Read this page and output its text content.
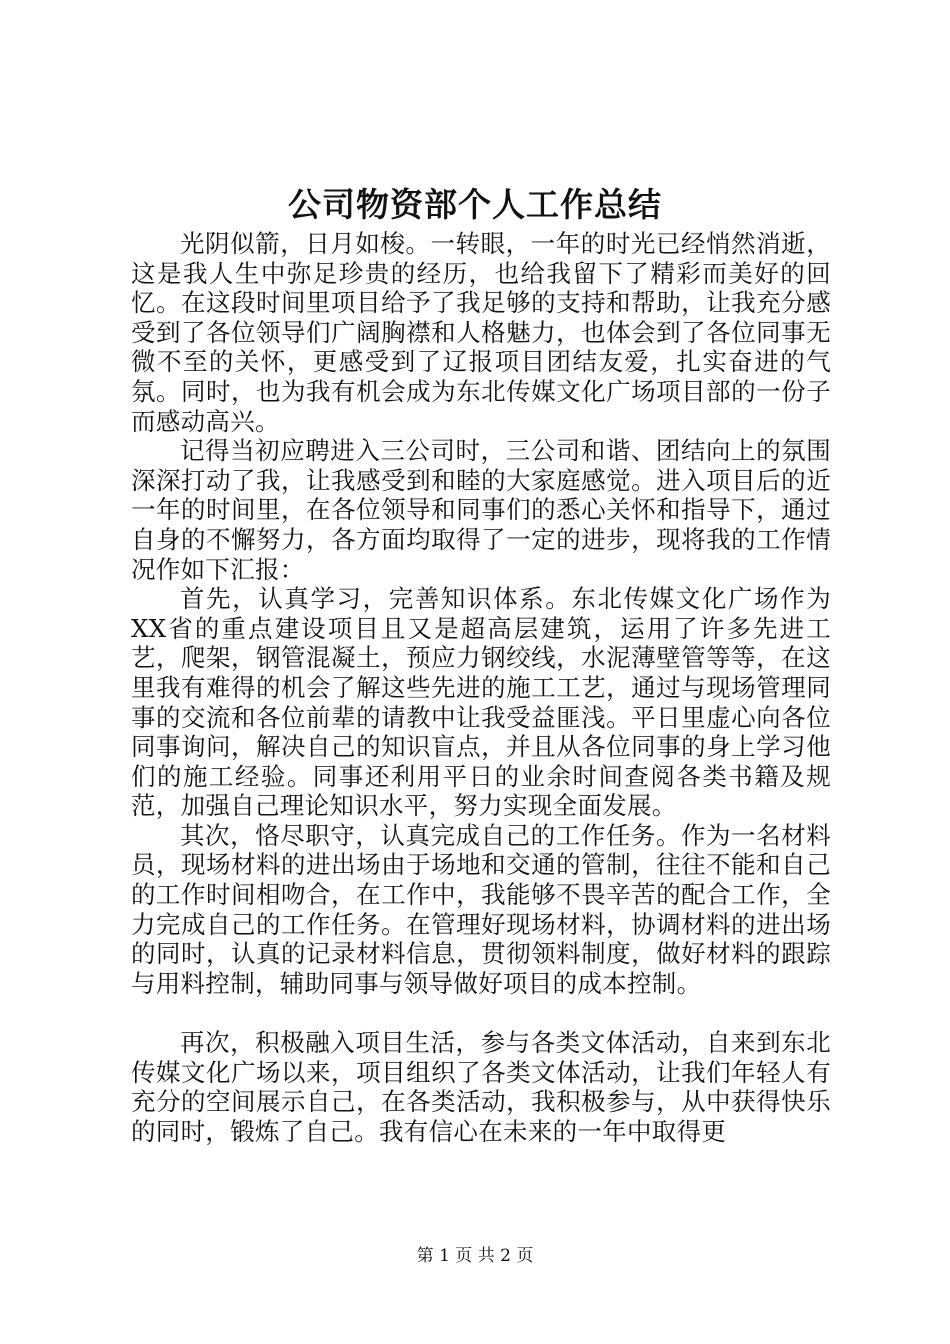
公司物资部个人工作总结

光阴似箭，日月如梭。一转眼，一年的时光已经悄然消逝，这是我人生中弥足珍贵的经历，也给我留下了精彩而美好的回忆。在这段时间里项目给予了我足够的支持和帮助，让我充分感受到了各位领导们广阔胸襟和人格魅力，也体会到了各位同事无微不至的关怀，更感受到了辽报项目团结友爱，扎实奋进的气氛。同时，也为我有机会成为东北传媒文化广场项目部的一份子而感动高兴。

记得当初应聘进入三公司时，三公司和谐、团结向上的氛围深深打动了我，让我感受到和睦的大家庭感觉。进入项目后的近一年的时间里，在各位领导和同事们的悉心关怀和指导下，通过自身的不懈努力，各方面均取得了一定的进步，现将我的工作情况作如下汇报：

首先，认真学习，完善知识体系。东北传媒文化广场作为XX省的重点建设项目且又是超高层建筑，运用了许多先进工艺，爬架，钢管混凝土，预应力钢绞线，水泥薄壁管等等，在这里我有难得的机会了解这些先进的施工工艺，通过与现场管理同事的交流和各位前辈的请教中让我受益匪浅。平日里虚心向各位同事询问，解决自己的知识盲点，并且从各位同事的身上学习他们的施工经验。同事还利用平日的业余时间查阅各类书籍及规范，加强自己理论知识水平，努力实现全面发展。

其次，恪尽职守，认真完成自己的工作任务。作为一名材料员，现场材料的进出场由于场地和交通的管制，往往不能和自己的工作时间相吻合，在工作中，我能够不畏辛苦的配合工作，全力完成自己的工作任务。在管理好现场材料，协调材料的进出场的同时，认真的记录材料信息，贯彻领料制度，做好材料的跟踪与用料控制，辅助同事与领导做好项目的成本控制。

再次，积极融入项目生活，参与各类文体活动，自来到东北传媒文化广场以来，项目组织了各类文体活动，让我们年轻人有充分的空间展示自己，在各类活动，我积极参与，从中获得快乐的同时，锻炼了自己。我有信心在未来的一年中取得更

第 1 页 共 2 页
